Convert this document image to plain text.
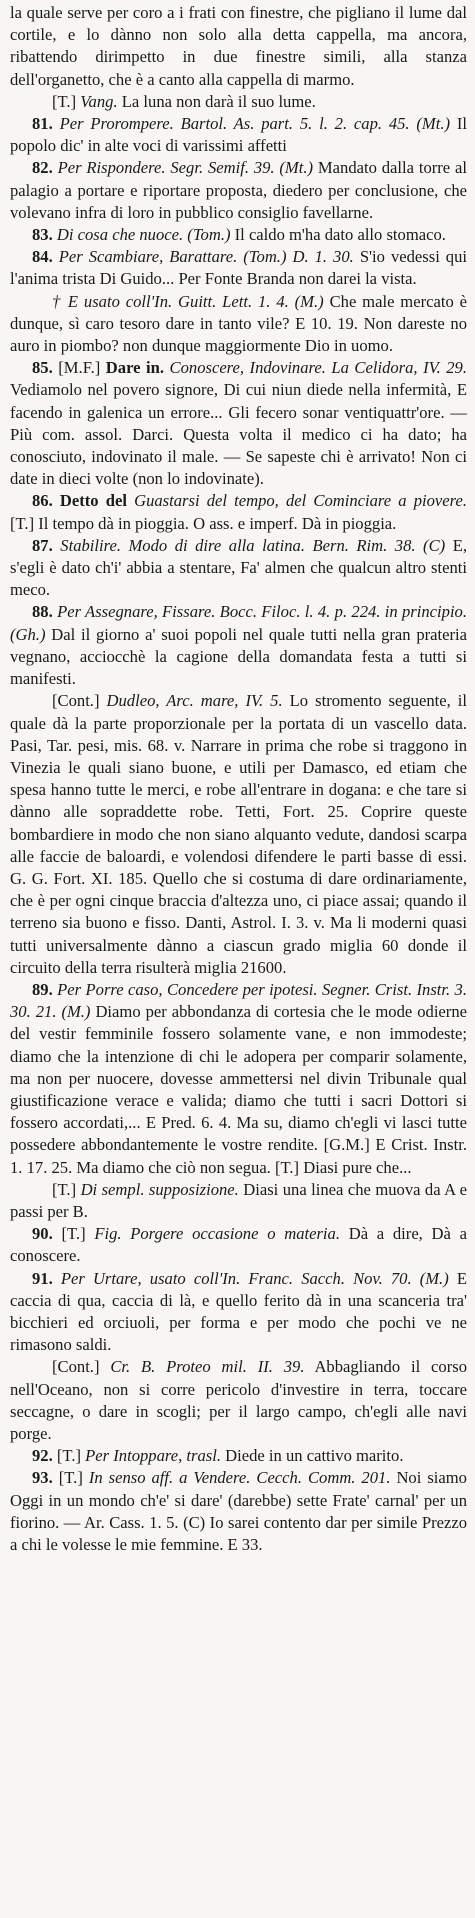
la quale serve per coro a i frati con finestre, che pigliano il lume dal cortile, e lo dànno non solo alla detta cappella, ma ancora, ribattendo dirimpetto in due finestre simili, alla stanza dell'organetto, che è a canto alla cappella di marmo.

[T.] Vang. La luna non darà il suo lume.

81. Per Prorompere. Bartol. As. part. 5. l. 2. cap. 45. (Mt.) Il popolo dic' in alte voci di varissimi affetti

82. Per Rispondere. Segr. Semif. 39. (Mt.) Mandato dalla torre al palagio a portare e riportare proposta, diedero per conclusione, che volevano infra di loro in pubblico consiglio favellarne.

83. Di cosa che nuoce. (Tom.) Il caldo m'ha dato allo stomaco.

84. Per Scambiare, Barattare. (Tom.) D. 1. 30. S'io vedessi qui l'anima trista Di Guido... Per Fonte Branda non darei la vista.

† E usato coll'In. Guitt. Lett. 1. 4. (M.) Che male mercato è dunque, sì caro tesoro dare in tanto vile? E 10. 19. Non dareste no auro in piombo? non dunque maggiormente Dio in uomo.

85. [M.F.] Dare in. Conoscere, Indovinare. La Celidora, IV. 29. Vediamolo nel povero signore, Di cui niun diede nella infermità, E facendo in galenica un errore... Gli fecero sonar ventiquattr'ore. — Più com. assol. Darci. Questa volta il medico ci ha dato; ha conosciuto, indovinato il male. — Se sapeste chi è arrivato! Non ci date in dieci volte (non lo indovinate).

86. Detto del Guastarsi del tempo, del Cominciare a piovere. [T.] Il tempo dà in pioggia. O ass. e imperf. Dà in pioggia.

87. Stabilire. Modo di dire alla latina. Bern. Rim. 38. (C) E, s'egli è dato ch'i' abbia a stentare, Fa' almen che qualcun altro stenti meco.

88. Per Assegnare, Fissare. Bocc. Filoc. l. 4. p. 224. in principio. (Gh.) Dal il giorno a' suoi popoli nel quale tutti nella gran prateria vegnano, acciocchè la cagione della domandata festa a tutti si manifesti.

[Cont.] Dudleo, Arc. mare, IV. 5. Lo stromento seguente, il quale dà la parte proporzionale per la portata di un vascello data. Pasi, Tar. pesi, mis. 68. v. Narrare in prima che robe si traggono in Vinezia le quali siano buone, e utili per Damasco, ed etiam che spesa hanno tutte le merci, e robe all'entrare in dogana: e che tare si dànno alle sopraddette robe. Tetti, Fort. 25. Coprire queste bombardiere in modo che non siano alquanto vedute, dandosi scarpa alle faccie de baloardi, e volendosi difendere le parti basse di essi. G. G. Fort. XI. 185. Quello che si costuma di dare ordinariamente, che è per ogni cinque braccia d'altezza uno, ci piace assai; quando il terreno sia buono e fisso. Danti, Astrol. I. 3. v. Ma li moderni quasi tutti universalmente dànno a ciascun grado miglia 60 donde il circuito della terra risulterà miglia 21600.

89. Per Porre caso, Concedere per ipotesi. Segner. Crist. Instr. 3. 30. 21. (M.) Diamo per abbondanza di cortesia che le mode odierne del vestir femminile fossero solamente vane, e non immodeste; diamo che la intenzione di chi le adopera per comparir solamente, ma non per nuocere, dovesse ammettersi nel divin Tribunale qual giustificazione verace e valida; diamo che tutti i sacri Dottori si fossero accordati,... E Pred. 6. 4. Ma su, diamo ch'egli vi lasci tutte possedere abbondantemente le vostre rendite. [G.M.] E Crist. Instr. 1. 17. 25. Ma diamo che ciò non segua. [T.] Diasi pure che...

[T.] Di sempl. supposizione. Diasi una linea che muova da A e passi per B.

90. [T.] Fig. Porgere occasione o materia. Dà a dire, Dà a conoscere.

91. Per Urtare, usato coll'In. Franc. Sacch. Nov. 70. (M.) E caccia di qua, caccia di là, e quello ferito dà in una scanceria tra' bicchieri ed orciuoli, per forma e per modo che pochi ve ne rimasono saldi.

[Cont.] Cr. B. Proteo mil. II. 39. Abbagliando il corso nell'Oceano, non si corre pericolo d'investire in terra, toccare seccagne, o dare in scogli; per il largo campo, ch'egli alle navi porge.

92. [T.] Per Intoppare, trasl. Diede in un cattivo marito.

93. [T.] In senso aff. a Vendere. Cecch. Comm. 201. Noi siamo Oggi in un mondo ch'e' si dare' (darebbe) sette Frate' carnal' per un fiorino. — Ar. Cass. 1. 5. (C) Io sarei contento dar per simile Prezzo a chi le volesse le mie femmine. E 33.
